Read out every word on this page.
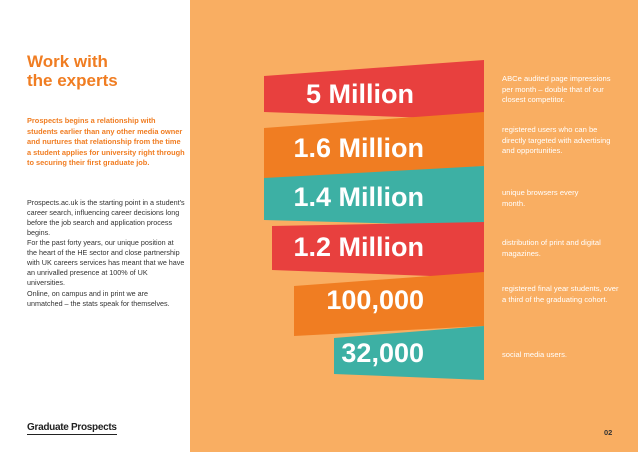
Work with
the experts
Prospects begins a relationship with students earlier than any other media owner and nurtures that relationship from the time a student applies for university right through to securing their first graduate job.
Prospects.ac.uk is the starting point in a student's career search, influencing career decisions long before the job search and application process begins.
For the past forty years, our unique position at the heart of the HE sector and close partnership with UK careers services has meant that we have an unrivalled presence at 100% of UK universities.
Online, on campus and in print we are unmatched – the stats speak for themselves.
Graduate Prospects
5 Million
1.6 Million
1.4 Million
1.2 Million
100,000
32,000
ABCe audited page impressions per month – double that of our closest competitor.
registered users who can be directly targeted with advertising and opportunities.
unique browsers every month.
distribution of print and digital magazines.
registered final year students, over a third of the graduating cohort.
social media users.
02
